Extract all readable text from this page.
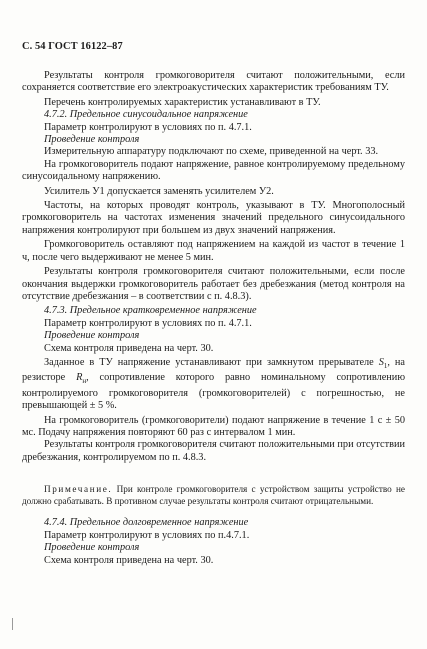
С. 54 ГОСТ 16122–87

Результаты контроля громкоговорителя считают положительными, если сохраняется соответствие его электроакустических характеристик требованиям ТУ.

Перечень контролируемых характеристик устанавливают в ТУ.

4.7.2. Предельное синусоидальное напряжение

Параметр контролируют в условиях по п. 4.7.1.

Проведение контроля

Измерительную аппаратуру подключают по схеме, приведенной на черт. 33.

На громкоговоритель подают напряжение, равное контролируемому предельному синусоидальному напряжению.

Усилитель У1 допускается заменять усилителем У2.

Частоты, на которых проводят контроль, указывают в ТУ. Многополосный громкоговоритель на частотах изменения значений предельного синусоидального напряжения контролируют при большем из двух значений напряжения.

Громкоговоритель оставляют под напряжением на каждой из частот в течение 1 ч, после чего выдерживают не менее 5 мин.

Результаты контроля громкоговорителя считают положительными, если после окончания выдержки громкоговоритель работает без дребезжания (метод контроля на отсутствие дребезжания – в соответствии с п. 4.8.3).

4.7.3. Предельное кратковременное напряжение

Параметр контролируют в условиях по п. 4.7.1.

Проведение контроля

Схема контроля приведена на черт. 30.

Заданное в ТУ напряжение устанавливают при замкнутом прерывателе $S_1$, на резисторе $R_н$, сопротивление которого равно номинальному сопротивлению контролируемого громкоговорителя (громкоговорителей) с погрешностью, не превышающей ± 5 %.

На громкоговоритель (громкоговорители) подают напряжение в течение 1 с ± 50 мс. Подачу напряжения повторяют 60 раз с интервалом 1 мин.

Результаты контроля громкоговорителя считают положительными при отсутствии дребезжания, контролируемом по п. 4.8.3.

Примечание. При контроле громкоговорителя с устройством защиты устройство не должно срабатывать. В противном случае результаты контроля считают отрицательными.

4.7.4. Предельное долговременное напряжение

Параметр контролируют в условиях по п.4.7.1.

Проведение контроля

Схема контроля приведена на черт. 30.
